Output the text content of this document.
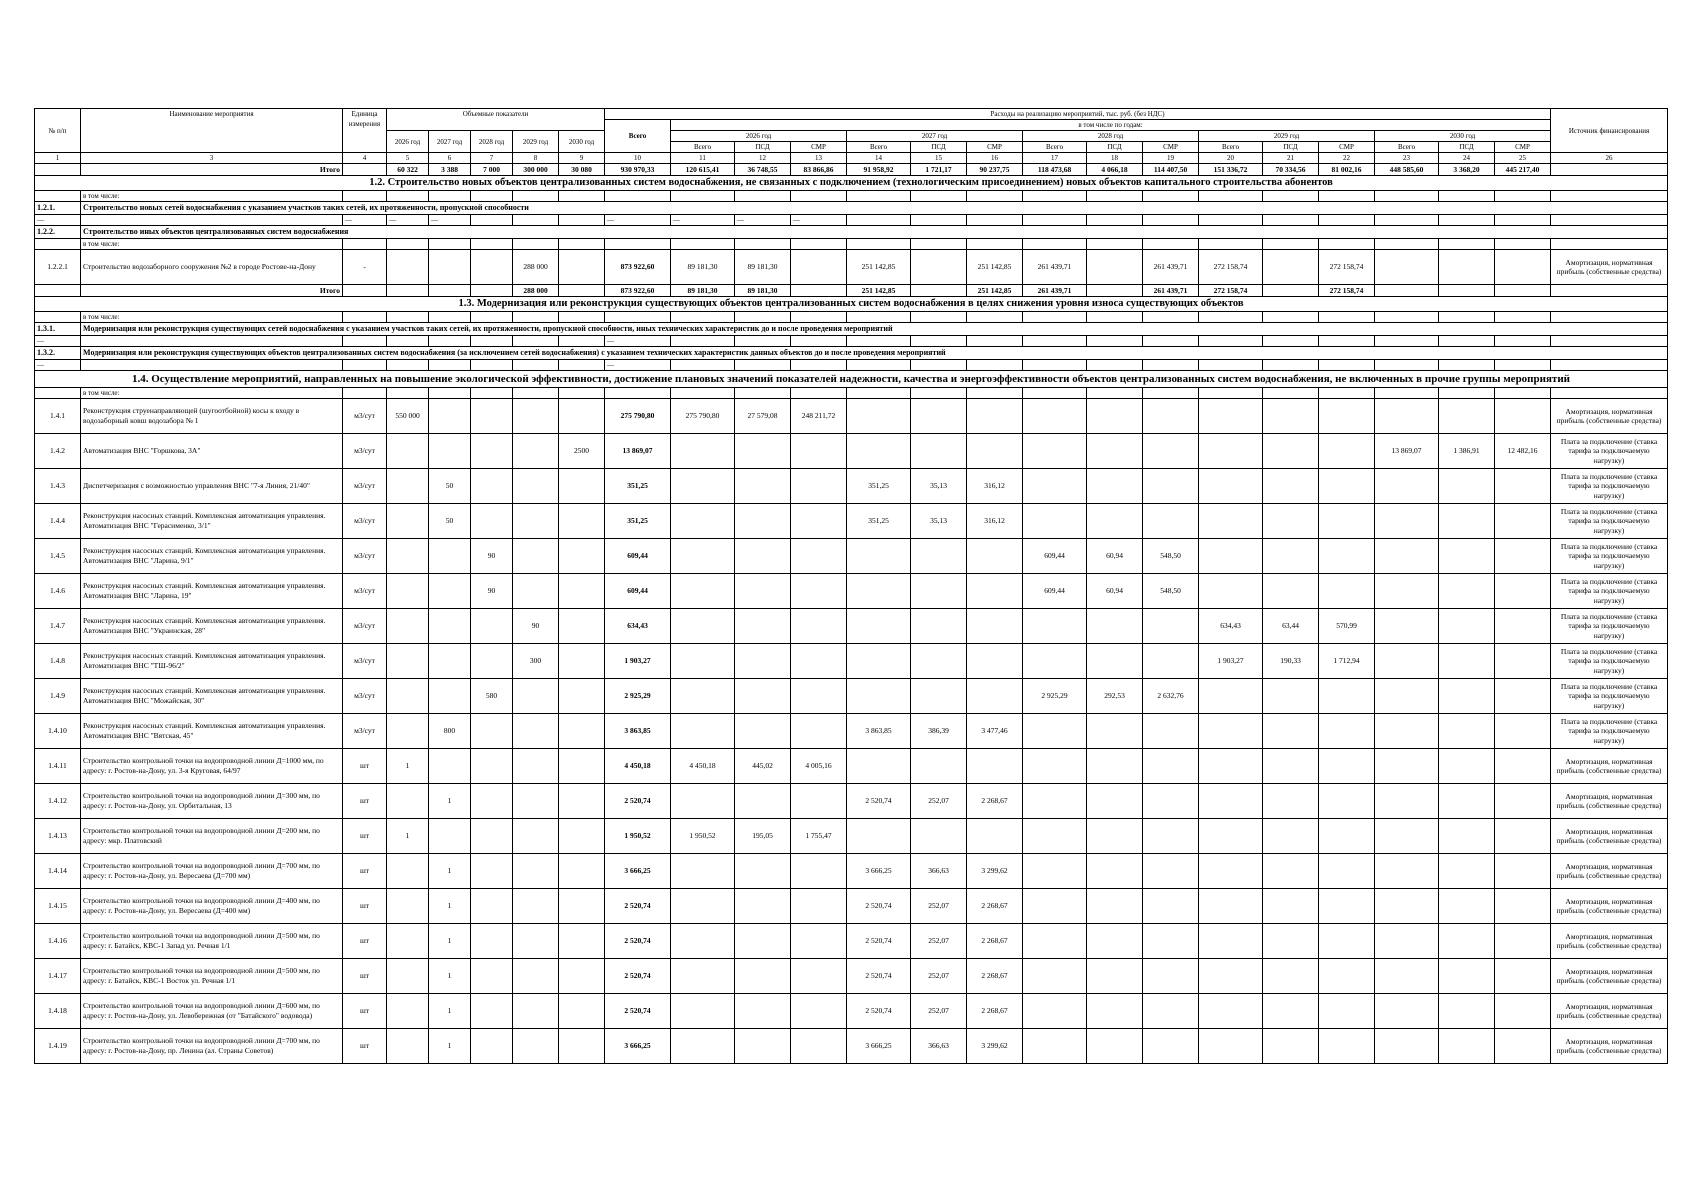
№ п/п	Наименование мероприятия	Единица измерения	Объемные показатели					Расходы на реализацию мероприятий, тыс. руб. (без НДС)																Источник финансирования
								Всего	в том числе по годам:															
			2026 год	2027 год	2028 год	2029 год	2030 год		2026 год			2027 год			2028 год			2029 год			2030 год			
									Всего	ПСД	СМР	Всего	ПСД	СМР	Всего	ПСД	СМР	Всего	ПСД	СМР	Всего	ПСД	СМР	
1	3	4	5	6	7	8	9	10	11	12	13	14	15	16	17	18	19	20	21	22	23	24	25	26
	Итого		60 322	3 388	7 000	300 000	30 080	930 970,33	120 615,41	36 748,55	83 866,86	91 958,92	1 721,17	90 237,75	118 473,68	4 066,18	114 407,50	151 336,72	70 334,56	81 002,16	448 585,60	3 368,20	445 217,40	
1.2. Строительство новых объектов централизованных систем водоснабжения, не связанных с подключением (технологическим присоединением) новых объектов капитального строительства абонентов																								
	в том числе:																							
1.2.1.	Строительство новых сетей водоснабжения с указанием участков таких сетей, их протяженности, пропускной способности																							
—		—	—	—				—	—	—	—													
1.2.2.	Строительство иных объектов централизованных систем водоснабжения																							
	в том числе:																							
1.2.2.1	Строительство водозаборного сооружения №2 в городе Ростове-на-Дону	-				288 000		873 922,60	89 181,30	89 181,30		251 142,85		251 142,85	261 439,71		261 439,71	272 158,74		272 158,74				Амортизация, нормативная прибыль (собственные средства)
	Итого					288 000		873 922,60	89 181,30	89 181,30		251 142,85		251 142,85	261 439,71		261 439,71	272 158,74		272 158,74				
1.3. Модернизация или реконструкция существующих объектов централизованных систем водоснабжения в целях снижения уровня износа существующих объектов																								
	в том числе:																							
1.3.1.	Модернизация или реконструкция существующих сетей водоснабжения с указанием участков таких сетей, их протяженности, пропускной способности, иных технических характеристик до и после проведения мероприятий																							
—								—																
1.3.2.	Модернизация или реконструкция существующих объектов централизованных систем водоснабжения (за исключением сетей водоснабжения) с указанием технических характеристик данных объектов до и после проведения мероприятий																							
—								—																
1.4. Осуществление мероприятий, направленных на повышение экологической эффективности, достижение плановых значений показателей надежности, качества и энергоэффективности объектов централизованных систем водоснабжения, не включенных в прочие группы мероприятий																								
	в том числе:																							
1.4.1	Реконструкция струенаправляющей (шугоотбойной) косы к входу в водозаборный ковш водозабора № 1	м3/сут	550 000					275 790,80	275 790,80	27 579,08	248 211,72													Амортизация, нормативная прибыль (собственные средства)
1.4.2	Автоматизация ВНС "Горшкова, 3А"	м3/сут					2500	13 869,07													13 869,07	1 386,91	12 482,16	Плата за подключение (ставка тарифа за подключаемую нагрузку)
1.4.3	Диспетчеризация с возможностью управления ВНС "7-я Линия, 21/40"	м3/сут		50				351,25				351,25	35,13	316,12										Плата за подключение (ставка тарифа за подключаемую нагрузку)
1.4.4	Реконструкция насосных станций. Комплексная автоматизация управления. Автоматизация ВНС "Герасименко, 3/1"	м3/сут		50				351,25				351,25	35,13	316,12										Плата за подключение (ставка тарифа за подключаемую нагрузку)
1.4.5	Реконструкция насосных станций. Комплексная автоматизация управления. Автоматизация ВНС "Ларина, 9/1"	м3/сут			90			609,44							609,44	60,94	548,50							Плата за подключение (ставка тарифа за подключаемую нагрузку)
1.4.6	Реконструкция насосных станций. Комплексная автоматизация управления. Автоматизация ВНС "Ларина, 19"	м3/сут			90			609,44							609,44	60,94	548,50							Плата за подключение (ставка тарифа за подключаемую нагрузку)
1.4.7	Реконструкция насосных станций. Комплексная автоматизация управления. Автоматизация ВНС "Украинская, 28"	м3/сут				90		634,43										634,43	63,44	570,99				Плата за подключение (ставка тарифа за подключаемую нагрузку)
1.4.8	Реконструкция насосных станций. Комплексная автоматизация управления. Автоматизация ВНС "ТШ-96/2"	м3/сут				300		1 903,27										1 903,27	190,33	1 712,94				Плата за подключение (ставка тарифа за подключаемую нагрузку)
1.4.9	Реконструкция насосных станций. Комплексная автоматизация управления. Автоматизация ВНС "Можайская, 30"	м3/сут			580			2 925,29							2 925,29	292,53	2 632,76							Плата за подключение (ставка тарифа за подключаемую нагрузку)
1.4.10	Реконструкция насосных станций. Комплексная автоматизация управления. Автоматизация ВНС "Вятская, 45"	м3/сут		800				3 863,85				3 863,85	386,39	3 477,46										Плата за подключение (ставка тарифа за подключаемую нагрузку)
1.4.11	Строительство контрольной точки на водопроводной линии Д=1000 мм, по адресу: г. Ростов-на-Дону, ул. 3-я Круговая, 64/97	шт	1					4 450,18	4 450,18	445,02	4 005,16													Амортизация, нормативная прибыль (собственные средства)
1.4.12	Строительство контрольной точки на водопроводной линии Д=300 мм, по адресу: г. Ростов-на-Дону, ул. Орбитальная, 13	шт		1				2 520,74				2 520,74	252,07	2 268,67										Амортизация, нормативная прибыль (собственные средства)
1.4.13	Строительство контрольной точки на водопроводной линии Д=200 мм, по адресу: мкр. Платовский	шт	1					1 950,52	1 950,52	195,05	1 755,47													Амортизация, нормативная прибыль (собственные средства)
1.4.14	Строительство контрольной точки на водопроводной линии Д=700 мм, по адресу: г. Ростов-на-Дону, ул. Вересаева (Д=700 мм)	шт		1				3 666,25				3 666,25	366,63	3 299,62										Амортизация, нормативная прибыль (собственные средства)
1.4.15	Строительство контрольной точки на водопроводной линии Д=400 мм, по адресу: г. Ростов-на-Дону, ул. Вересаева (Д=400 мм)	шт		1				2 520,74				2 520,74	252,07	2 268,67										Амортизация, нормативная прибыль (собственные средства)
1.4.16	Строительство контрольной точки на водопроводной линии Д=500 мм, по адресу: г. Батайск, КВС-1 Запад ул. Речная 1/1	шт		1				2 520,74				2 520,74	252,07	2 268,67										Амортизация, нормативная прибыль (собственные средства)
1.4.17	Строительство контрольной точки на водопроводной линии Д=500 мм, по адресу: г. Батайск, КВС-1 Восток ул. Речная 1/1	шт		1				2 520,74				2 520,74	252,07	2 268,67										Амортизация, нормативная прибыль (собственные средства)
1.4.18	Строительство контрольной точки на водопроводной линии Д=600 мм, по адресу: г. Ростов-на-Дону, ул. Левобережная (от "Батайского" водовода)	шт		1				2 520,74				2 520,74	252,07	2 268,67										Амортизация, нормативная прибыль (собственные средства)
1.4.19	Строительство контрольной точки на водопроводной линии Д=700 мм, по адресу: г. Ростов-на-Дону, пр. Ленина (ал. Страны Советов)	шт		1				3 666,25				3 666,25	366,63	3 299,62										Амортизация, нормативная прибыль (собственные средства)
